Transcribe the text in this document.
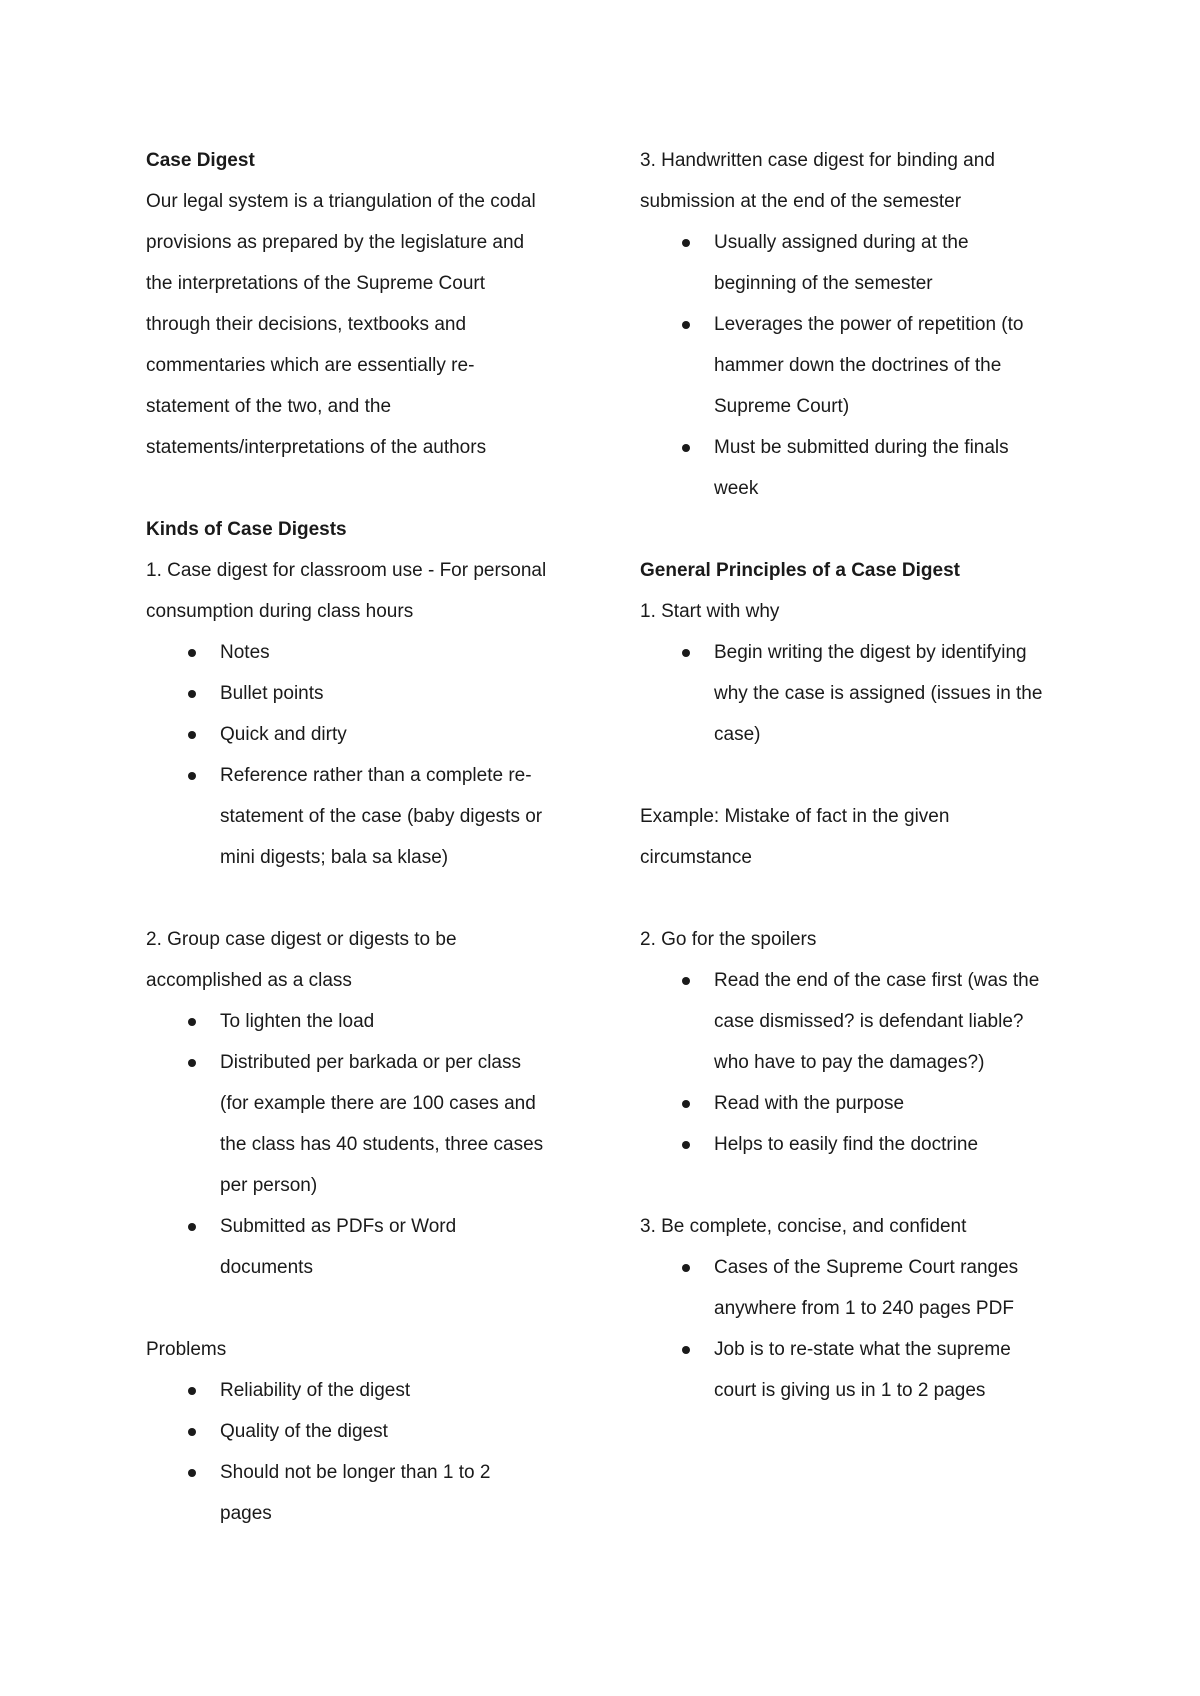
Case Digest

Our legal system is a triangulation of the codal

provisions as prepared by the legislature and

the interpretations of the Supreme Court

through their decisions, textbooks and

commentaries which are essentially re-

statement of the two, and the

statements/interpretations of the authors

Kinds of Case Digests

1. Case digest for classroom use - For personal

consumption during class hours

Notes
Bullet points
Quick and dirty
Reference rather than a complete re-
statement of the case (baby digests or
mini digests; bala sa klase)

2. Group case digest or digests to be

accomplished as a class

To lighten the load
Distributed per barkada or per class
(for example there are 100 cases and
the class has 40 students, three cases
per person)
Submitted as PDFs or Word
documents

Problems

Reliability of the digest
Quality of the digest
Should not be longer than 1 to 2
pages

3. Handwritten case digest for binding and

submission at the end of the semester

Usually assigned during at the
beginning of the semester
Leverages the power of repetition (to
hammer down the doctrines of the
Supreme Court)
Must be submitted during the finals
week

General Principles of a Case Digest

1. Start with why

Begin writing the digest by identifying
why the case is assigned (issues in the
case)

Example: Mistake of fact in the given

circumstance

2. Go for the spoilers

Read the end of the case first (was the
case dismissed? is defendant liable?
who have to pay the damages?)
Read with the purpose
Helps to easily find the doctrine

3. Be complete, concise, and confident

Cases of the Supreme Court ranges
anywhere from 1 to 240 pages PDF
Job is to re-state what the supreme
court is giving us in 1 to 2 pages
